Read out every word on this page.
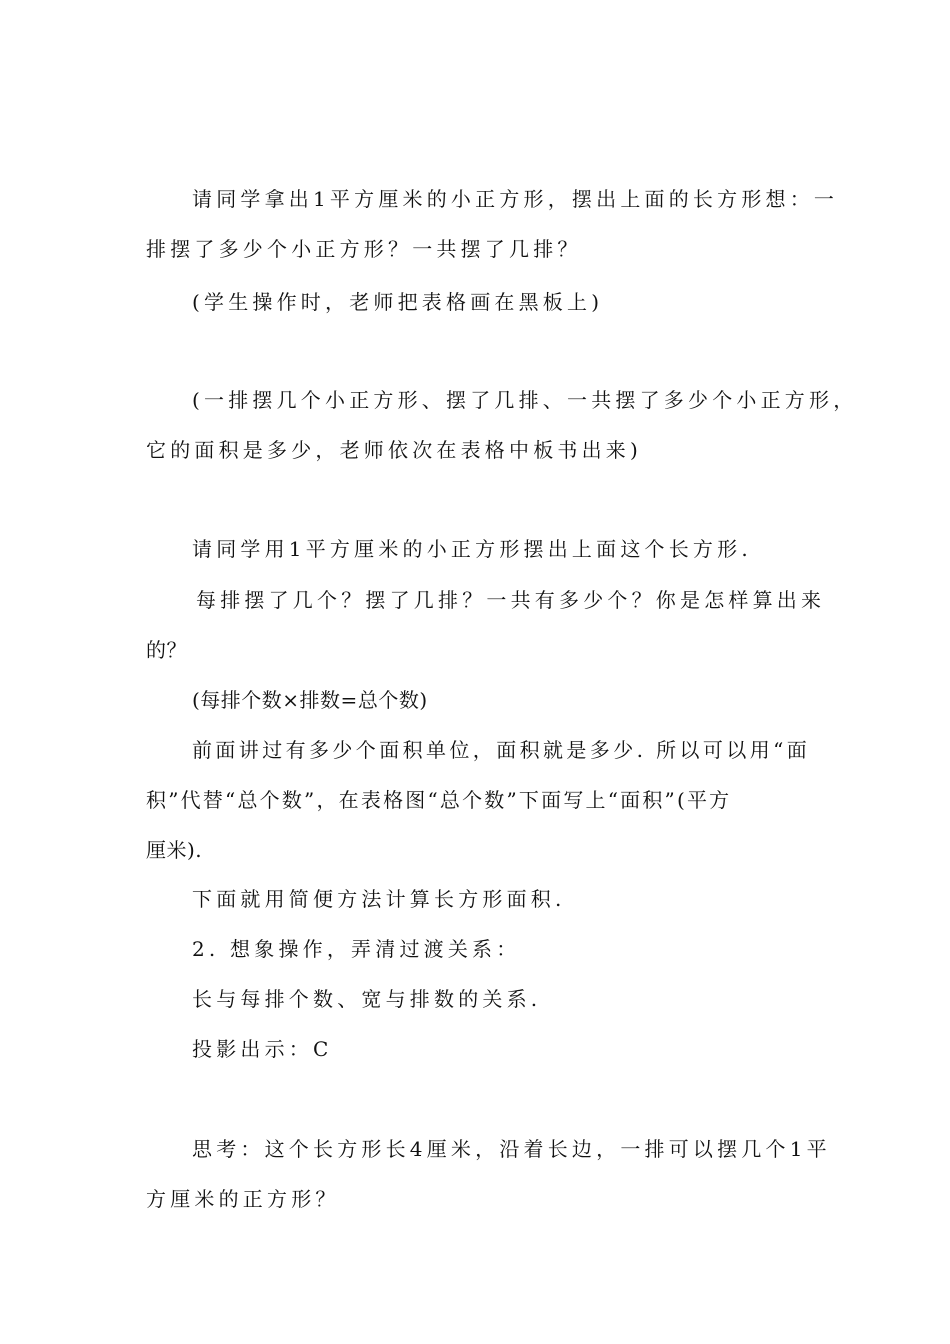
请同学拿出1平方厘米的小正方形，摆出上面的长方形想：一
排摆了多少个小正方形？一共摆了几排？
(学生操作时，老师把表格画在黑板上)
(一排摆几个小正方形、摆了几排、一共摆了多少个小正方形，
它的面积是多少，老师依次在表格中板书出来)
请同学用1平方厘米的小正方形摆出上面这个长方形.
每排摆了几个？摆了几排？一共有多少个？你是怎样算出来
的？
(每排个数×排数=总个数)
前面讲过有多少个面积单位，面积就是多少. 所以可以用“面
积”代替“总个数”，在表格图“总个数”下面写上“面积”(平方
厘米).
下面就用简便方法计算长方形面积.
2. 想象操作，弄清过渡关系：
长与每排个数、宽与排数的关系.
投影出示：C
思考：这个长方形长4厘米，沿着长边，一排可以摆几个1平
方厘米的正方形？
